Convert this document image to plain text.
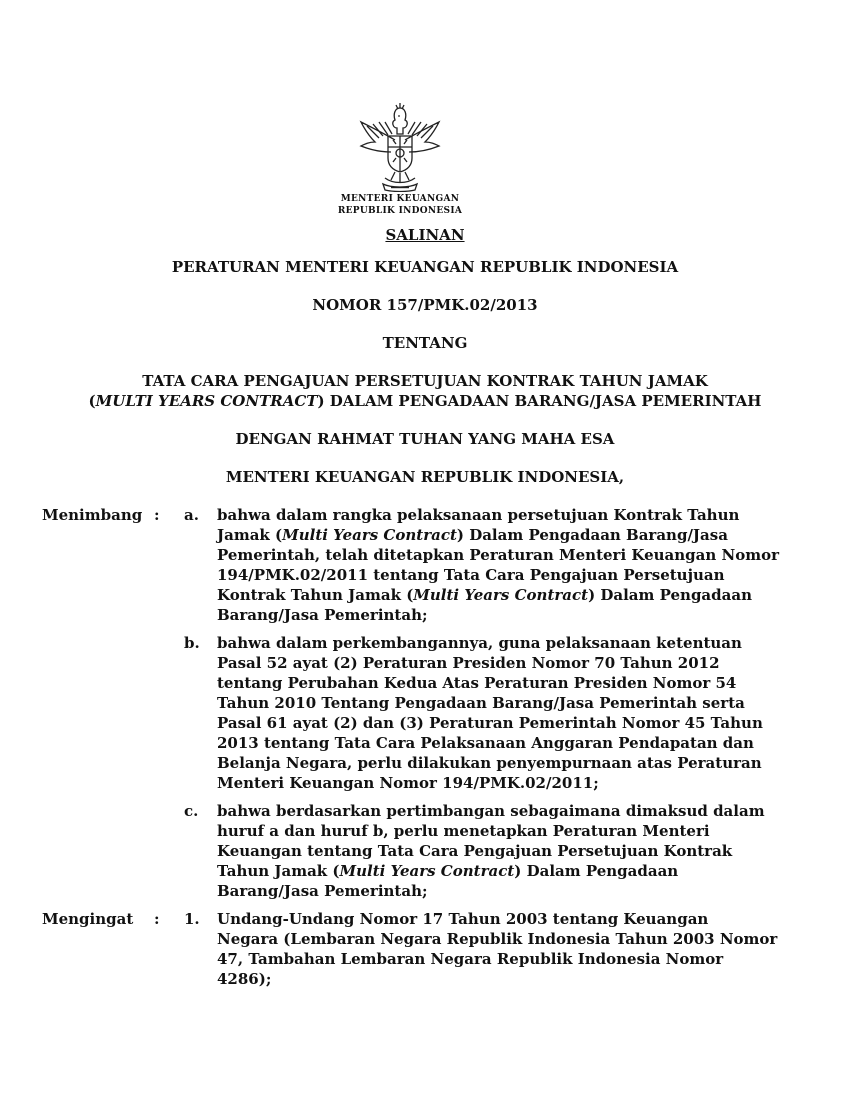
MENTERI KEUANGAN
REPUBLIK INDONESIA
SALINAN
PERATURAN MENTERI KEUANGAN REPUBLIK INDONESIA
NOMOR 157/PMK.02/2013
TENTANG
TATA CARA PENGAJUAN PERSETUJUAN KONTRAK TAHUN JAMAK
(MULTI YEARS CONTRACT) DALAM PENGADAAN BARANG/JASA PEMERINTAH
DENGAN RAHMAT TUHAN YANG MAHA ESA
MENTERI KEUANGAN REPUBLIK INDONESIA,
Menimbang : a. bahwa dalam rangka pelaksanaan persetujuan Kontrak Tahun
Jamak (Multi Years Contract) Dalam Pengadaan Barang/Jasa
Pemerintah, telah ditetapkan Peraturan Menteri Keuangan Nomor
194/PMK.02/2011 tentang Tata Cara Pengajuan Persetujuan
Kontrak Tahun Jamak (Multi Years Contract) Dalam Pengadaan
Barang/Jasa Pemerintah;
b. bahwa dalam perkembangannya, guna pelaksanaan ketentuan
Pasal 52 ayat (2) Peraturan Presiden Nomor 70 Tahun 2012
tentang Perubahan Kedua Atas Peraturan Presiden Nomor 54
Tahun 2010 Tentang Pengadaan Barang/Jasa Pemerintah serta
Pasal 61 ayat (2) dan (3) Peraturan Pemerintah Nomor 45 Tahun
2013 tentang Tata Cara Pelaksanaan Anggaran Pendapatan dan
Belanja Negara, perlu dilakukan penyempurnaan atas Peraturan
Menteri Keuangan Nomor 194/PMK.02/2011;
c. bahwa berdasarkan pertimbangan sebagaimana dimaksud dalam
huruf a dan huruf b, perlu menetapkan Peraturan Menteri
Keuangan tentang Tata Cara Pengajuan Persetujuan Kontrak
Tahun Jamak (Multi Years Contract) Dalam Pengadaan
Barang/Jasa Pemerintah;
Mengingat : 1. Undang-Undang Nomor 17 Tahun 2003 tentang Keuangan
Negara (Lembaran Negara Republik Indonesia Tahun 2003 Nomor
47, Tambahan Lembaran Negara Republik Indonesia Nomor
4286);
